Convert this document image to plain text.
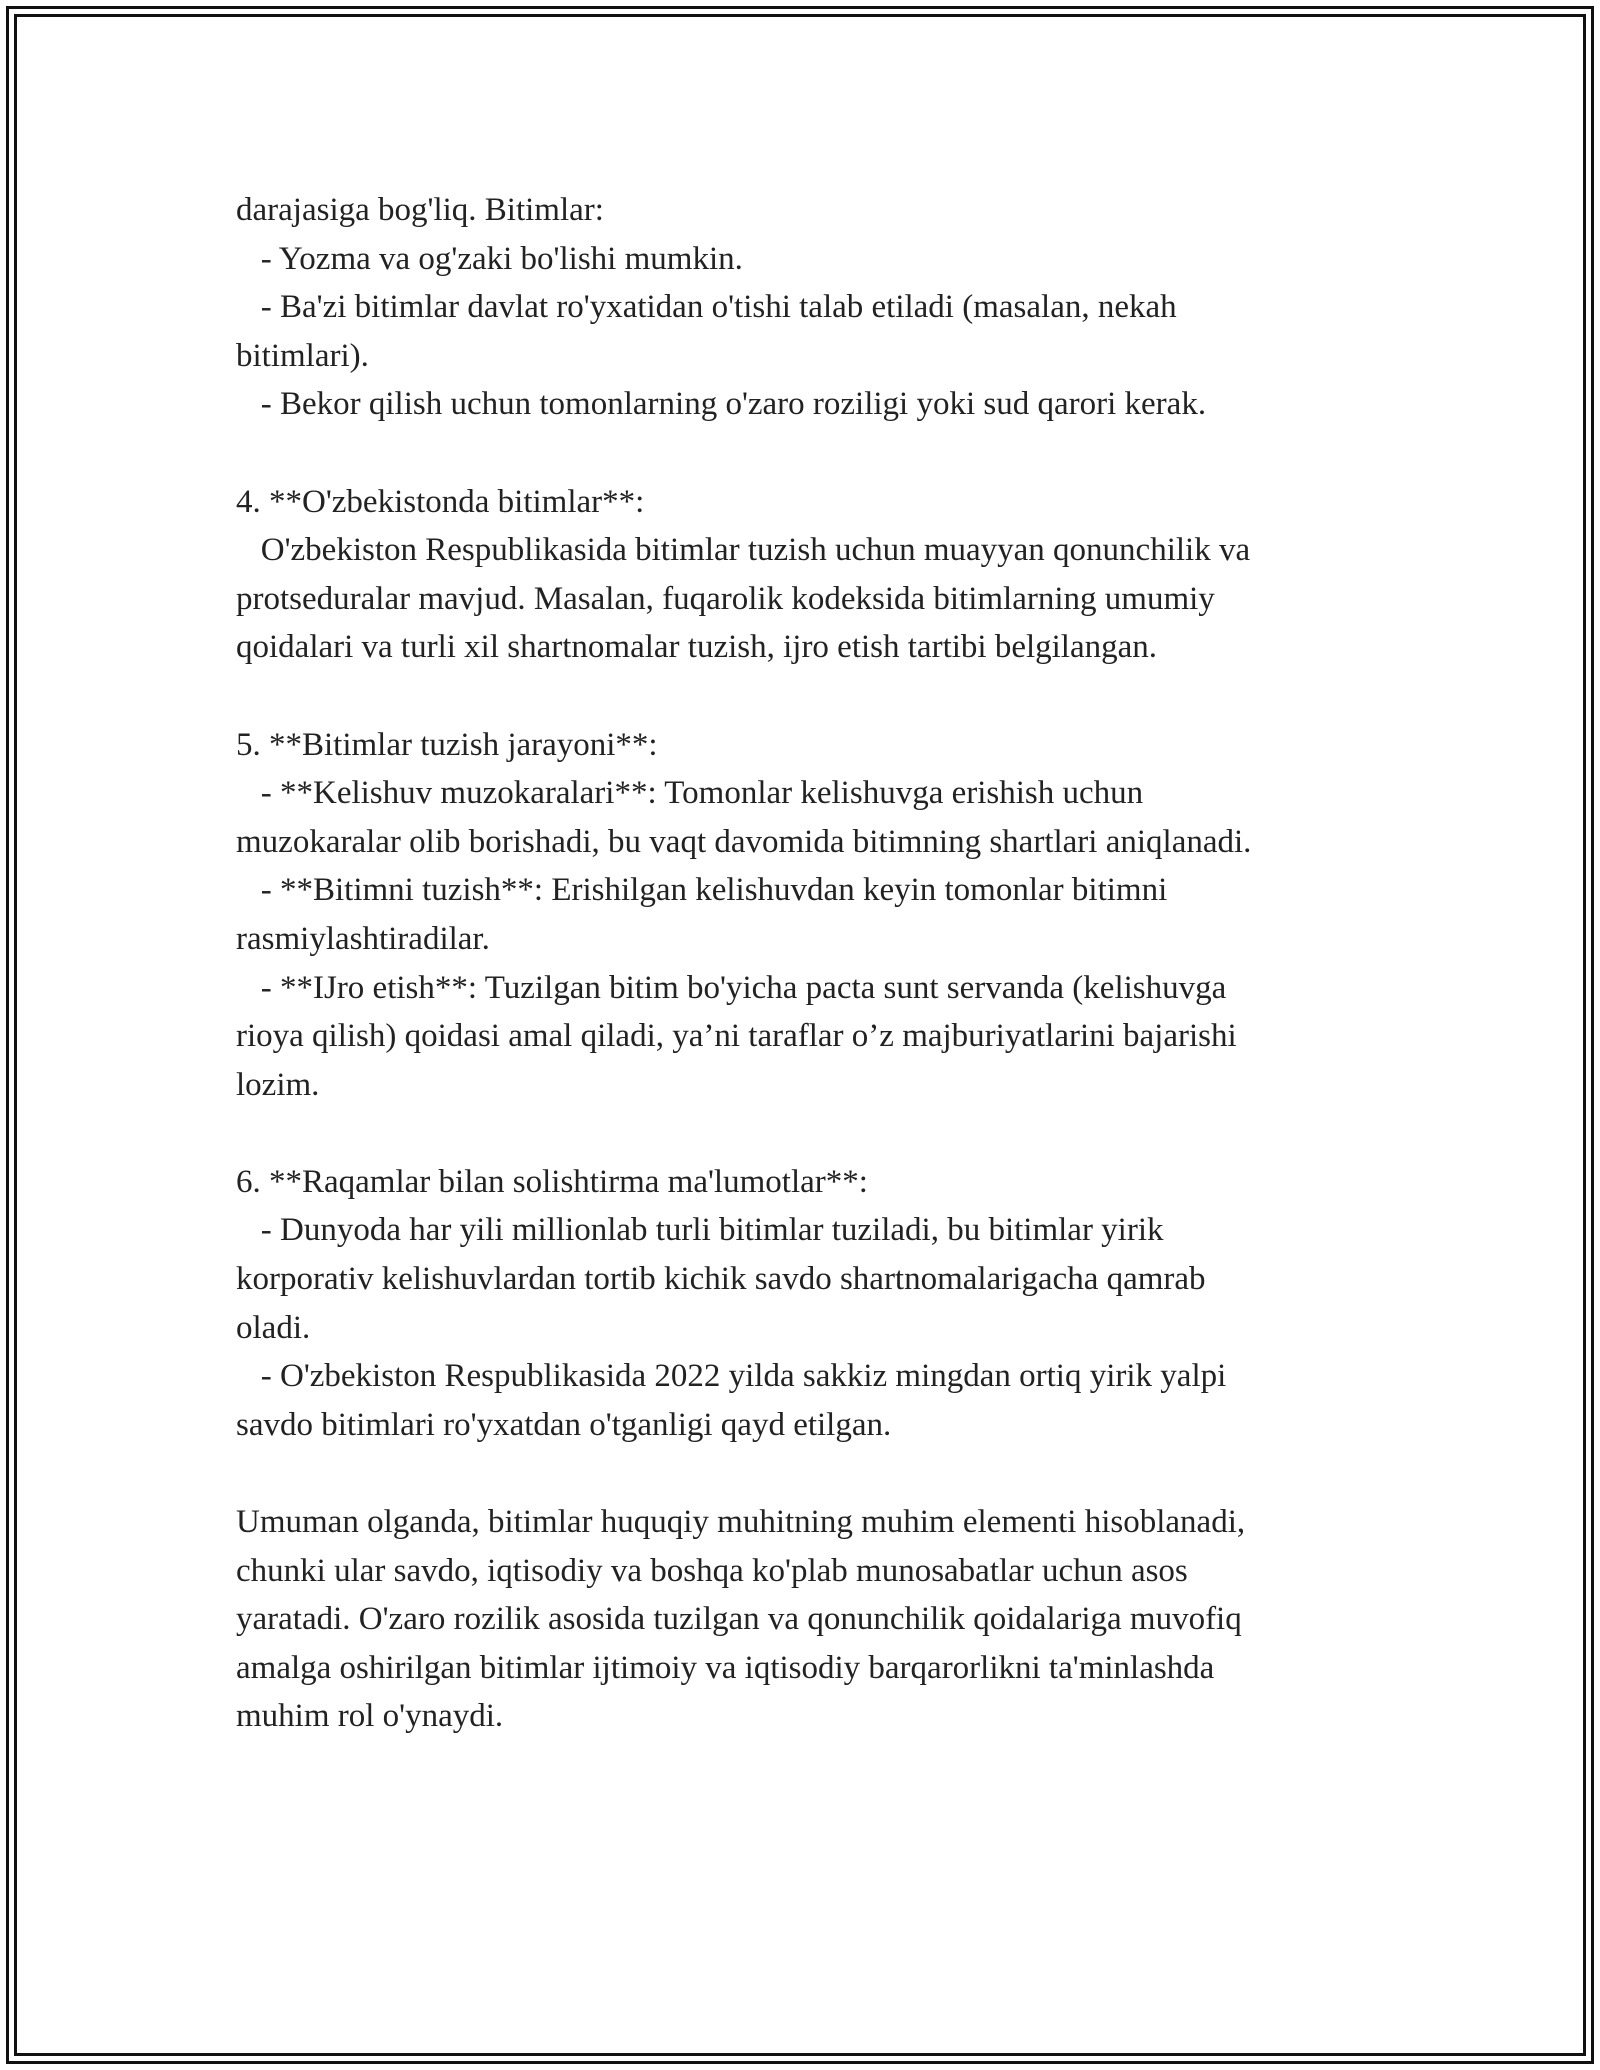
darajasiga bog'liq. Bitimlar:
- Yozma va og'zaki bo'lishi mumkin.
- Ba'zi bitimlar davlat ro'yxatidan o'tishi talab etiladi (masalan, nekah
bitimlari).
- Bekor qilish uchun tomonlarning o'zaro roziligi yoki sud qarori kerak.
4. **O'zbekistonda bitimlar**:
O'zbekiston Respublikasida bitimlar tuzish uchun muayyan qonunchilik va
protseduralar mavjud. Masalan, fuqarolik kodeksida bitimlarning umumiy
qoidalari va turli xil shartnomalar tuzish, ijro etish tartibi belgilangan.
5. **Bitimlar tuzish jarayoni**:
- **Kelishuv muzokaralari**: Tomonlar kelishuvga erishish uchun
muzokaralar olib borishadi, bu vaqt davomida bitimning shartlari aniqlanadi.
- **Bitimni tuzish**: Erishilgan kelishuvdan keyin tomonlar bitimni
rasmiylashtiradilar.
- **IJro etish**: Tuzilgan bitim bo'yicha pacta sunt servanda (kelishuvga
rioya qilish) qoidasi amal qiladi, ya’ni taraflar o’z majburiyatlarini bajarishi
lozim.
6. **Raqamlar bilan solishtirma ma'lumotlar**:
- Dunyoda har yili millionlab turli bitimlar tuziladi, bu bitimlar yirik
korporativ kelishuvlardan tortib kichik savdo shartnomalarigacha qamrab
oladi.
- O'zbekiston Respublikasida 2022 yilda sakkiz mingdan ortiq yirik yalpi
savdo bitimlari ro'yxatdan o'tganligi qayd etilgan.
Umuman olganda, bitimlar huquqiy muhitning muhim elementi hisoblanadi,
chunki ular savdo, iqtisodiy va boshqa ko'plab munosabatlar uchun asos
yaratadi. O'zaro rozilik asosida tuzilgan va qonunchilik qoidalariga muvofiq
amalga oshirilgan bitimlar ijtimoiy va iqtisodiy barqarorlikni ta'minlashda
muhim rol o'ynaydi.
